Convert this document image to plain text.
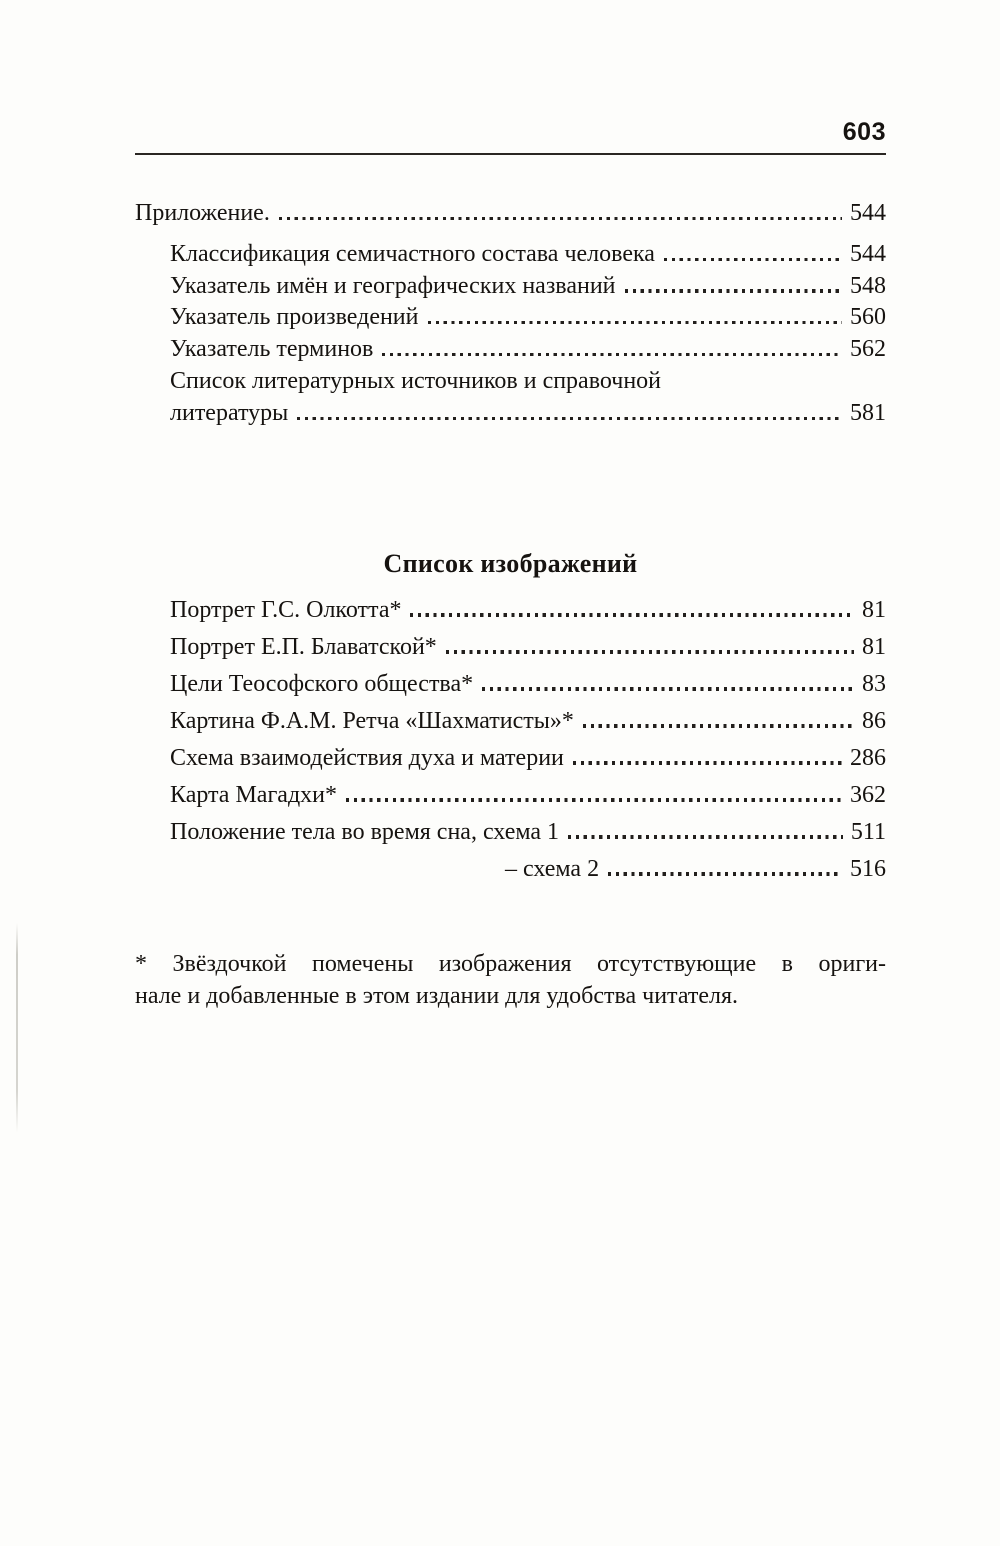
603
Приложение.	544
Классификация семичастного состава человека	544
Указатель имён и географических названий	548
Указатель произведений	560
Указатель терминов	562
Список литературных источников и справочной
литературы	581
Список изображений
Портрет Г.С. Олкотта*	81
Портрет Е.П. Блаватской*	81
Цели Теософского общества*	83
Картина Ф.А.М. Ретча «Шахматисты»*	86
Схема взаимодействия духа и материи	286
Карта Магадхи*	362
Положение тела во время сна, схема 1	511
– схема 2	516
* Звёздочкой помечены изображения отсутствующие в ориги-
нале и добавленные в этом издании для удобства читателя.
